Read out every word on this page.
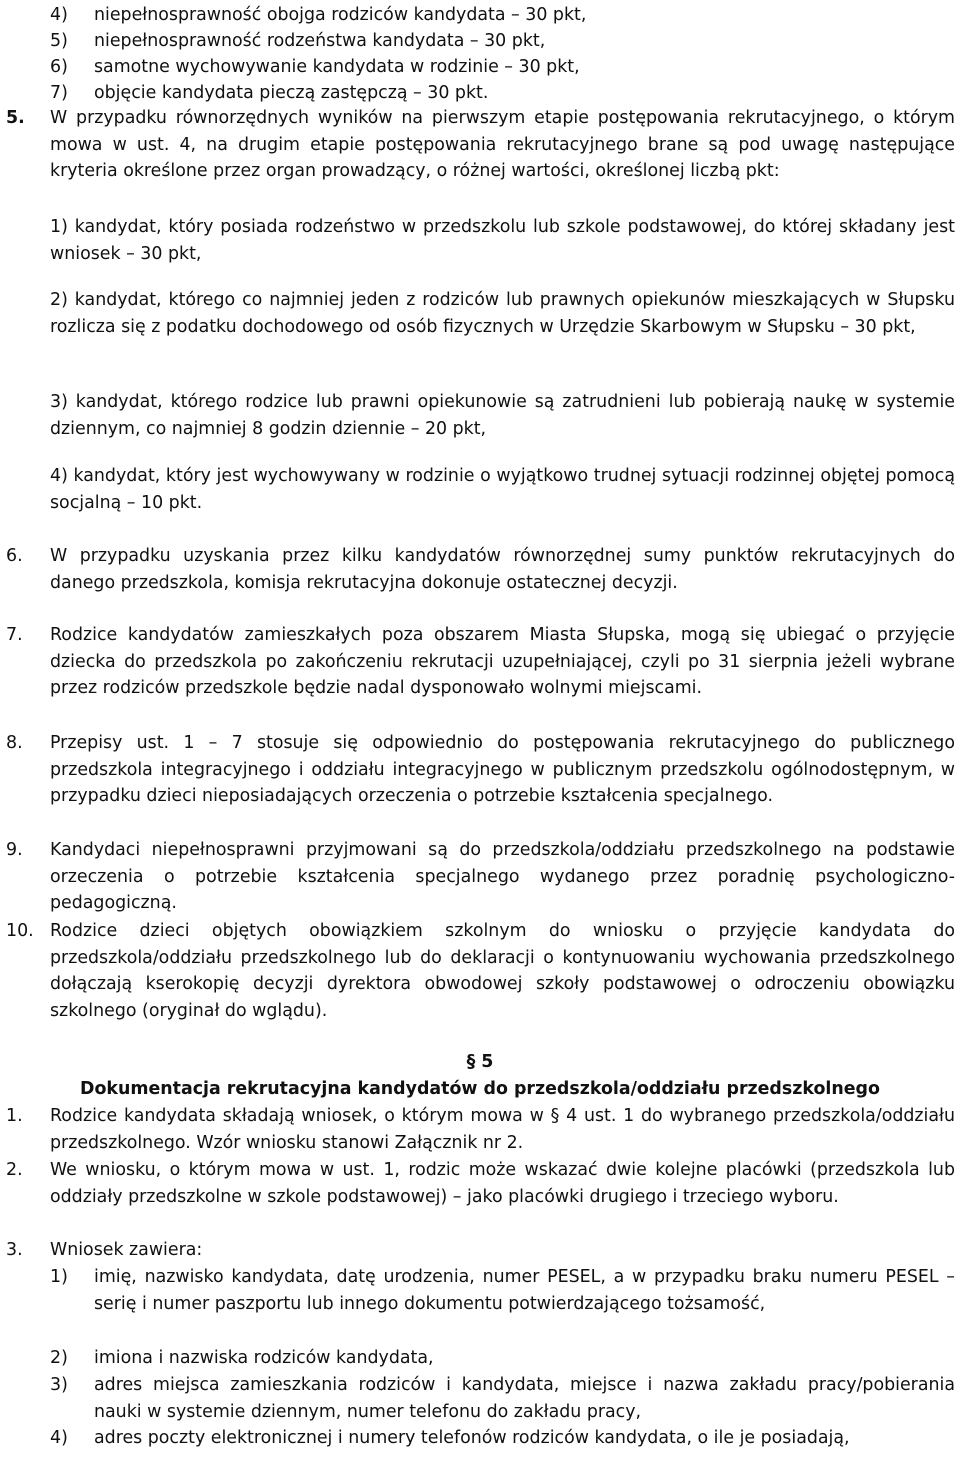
4) niepełnosprawność obojga rodziców kandydata – 30 pkt,
5) niepełnosprawność rodzeństwa kandydata – 30 pkt,
6) samotne wychowywanie kandydata w rodzinie – 30 pkt,
7) objęcie kandydata pieczą zastępczą – 30 pkt.
5. W przypadku równorzędnych wyników na pierwszym etapie postępowania rekrutacyjnego, o którym mowa w ust. 4, na drugim etapie postępowania rekrutacyjnego brane są pod uwagę następujące kryteria określone przez organ prowadzący, o różnej wartości, określonej liczbą pkt:
1) kandydat, który posiada rodzeństwo w przedszkolu lub szkole podstawowej, do której składany jest wniosek – 30 pkt,
2) kandydat, którego co najmniej jeden z rodziców lub prawnych opiekunów mieszkających w Słupsku rozlicza się z podatku dochodowego od osób fizycznych w Urzędzie Skarbowym w Słupsku – 30 pkt,
3) kandydat, którego rodzice lub prawni opiekunowie są zatrudnieni lub pobierają naukę w systemie dziennym, co najmniej 8 godzin dziennie – 20 pkt,
4) kandydat, który jest wychowywany w rodzinie o wyjątkowo trudnej sytuacji rodzinnej objętej pomocą socjalną – 10 pkt.
6. W przypadku uzyskania przez kilku kandydatów równorzędnej sumy punktów rekrutacyjnych do danego przedszkola, komisja rekrutacyjna dokonuje ostatecznej decyzji.
7. Rodzice kandydatów zamieszkałych poza obszarem Miasta Słupska, mogą się ubiegać o przyjęcie dziecka do przedszkola po zakończeniu rekrutacji uzupełniającej, czyli po 31 sierpnia jeżeli wybrane przez rodziców przedszkole będzie nadal dysponowało wolnymi miejscami.
8. Przepisy ust. 1 – 7 stosuje się odpowiednio do postępowania rekrutacyjnego do publicznego przedszkola integracyjnego i oddziału integracyjnego w publicznym przedszkolu ogólnodostępnym, w przypadku dzieci nieposiadających orzeczenia o potrzebie kształcenia specjalnego.
9. Kandydaci niepełnosprawni przyjmowani są do przedszkola/oddziału przedszkolnego na podstawie orzeczenia o potrzebie kształcenia specjalnego wydanego przez poradnię psychologiczno-pedagogiczną.
10. Rodzice dzieci objętych obowiązkiem szkolnym do wniosku o przyjęcie kandydata do przedszkola/oddziału przedszkolnego lub do deklaracji o kontynuowaniu wychowania przedszkolnego dołączają kserokopię decyzji dyrektora obwodowej szkoły podstawowej o odroczeniu obowiązku szkolnego (oryginał do wglądu).
§ 5
Dokumentacja rekrutacyjna kandydatów do przedszkola/oddziału przedszkolnego
1. Rodzice kandydata składają wniosek, o którym mowa w § 4 ust. 1 do wybranego przedszkola/oddziału przedszkolnego. Wzór wniosku stanowi Załącznik nr 2.
2. We wniosku, o którym mowa w ust. 1, rodzic może wskazać dwie kolejne placówki (przedszkola lub oddziały przedszkolne w szkole podstawowej) – jako placówki drugiego i trzeciego wyboru.
3. Wniosek zawiera:
1) imię, nazwisko kandydata, datę urodzenia, numer PESEL, a w przypadku braku numeru PESEL – serię i numer paszportu lub innego dokumentu potwierdzającego tożsamość,
2) imiona i nazwiska rodziców kandydata,
3) adres miejsca zamieszkania rodziców i kandydata, miejsce i nazwa zakładu pracy/pobierania nauki w systemie dziennym, numer telefonu do zakładu pracy,
4) adres poczty elektronicznej i numery telefonów rodziców kandydata, o ile je posiadają,
